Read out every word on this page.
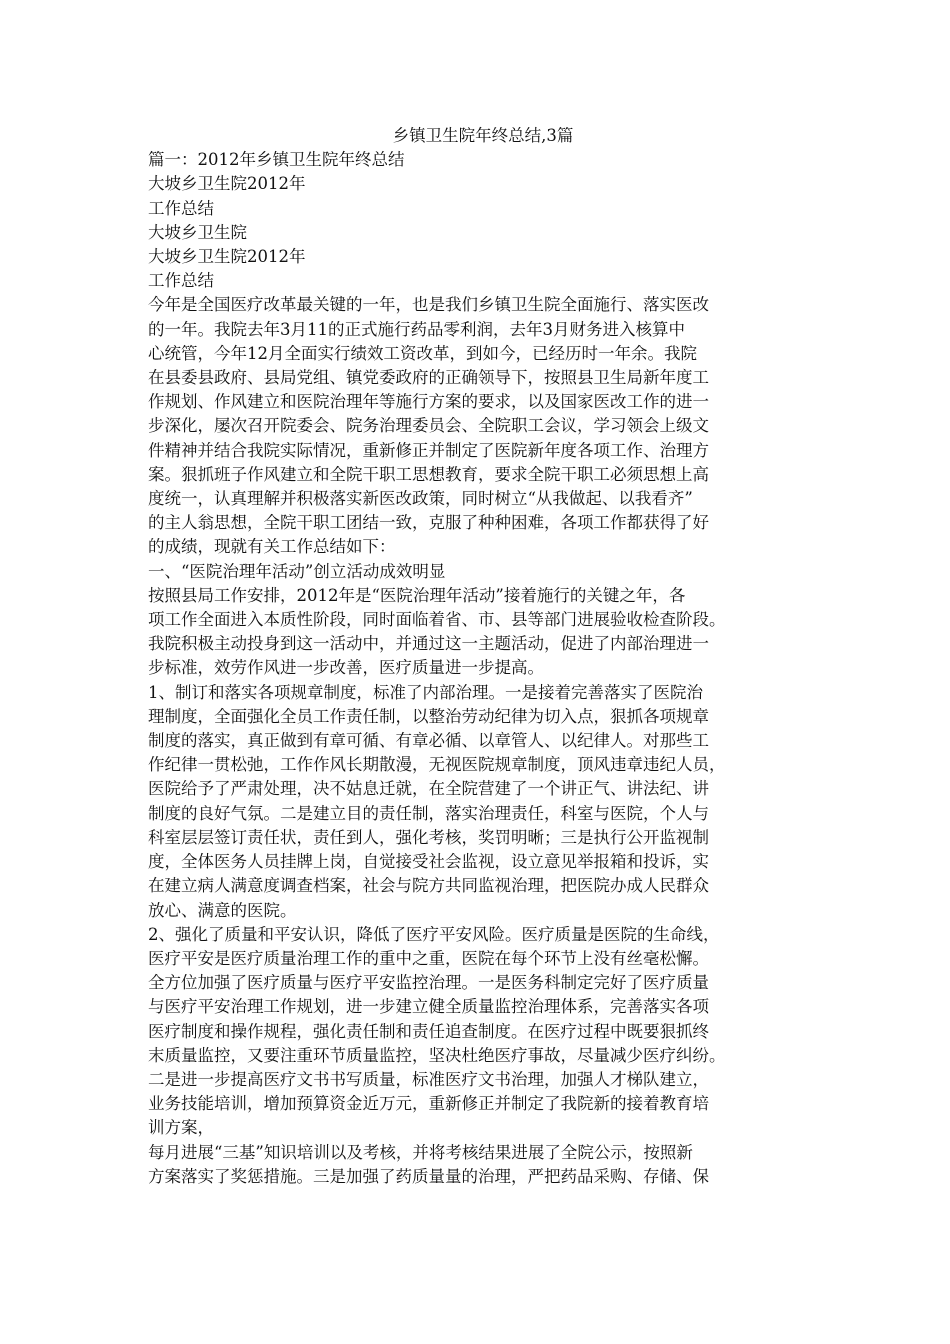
乡镇卫生院年终总结,3篇
篇一：2012年乡镇卫生院年终总结
大坡乡卫生院2012年
工作总结
大坡乡卫生院
大坡乡卫生院2012年
工作总结
今年是全国医疗改革最关键的一年，也是我们乡镇卫生院全面施行、落实医改
的一年。我院去年3月11的正式施行药品零利润，去年3月财务进入核算中
心统管，今年12月全面实行绩效工资改革，到如今，已经历时一年余。我院
在县委县政府、县局党组、镇党委政府的正确领导下，按照县卫生局新年度工
作规划、作风建立和医院治理年等施行方案的要求，以及国家医改工作的进一
步深化，屡次召开院委会、院务治理委员会、全院职工会议，学习领会上级文
件精神并结合我院实际情况，重新修正并制定了医院新年度各项工作、治理方
案。狠抓班子作风建立和全院干职工思想教育，要求全院干职工必须思想上高
度统一，认真理解并积极落实新医改政策，同时树立“从我做起、以我看齐”
的主人翁思想，全院干职工团结一致，克服了种种困难，各项工作都获得了好
的成绩，现就有关工作总结如下：
一、“医院治理年活动”创立活动成效明显
按照县局工作安排，2012年是“医院治理年活动”接着施行的关键之年，各
项工作全面进入本质性阶段，同时面临着省、市、县等部门进展验收检查阶段。
我院积极主动投身到这一活动中，并通过这一主题活动，促进了内部治理进一
步标准，效劳作风进一步改善，医疗质量进一步提高。
1、制订和落实各项规章制度，标准了内部治理。一是接着完善落实了医院治
理制度，全面强化全员工作责任制，以整治劳动纪律为切入点，狠抓各项规章
制度的落实，真正做到有章可循、有章必循、以章管人、以纪律人。对那些工
作纪律一贯松弛，工作作风长期散漫，无视医院规章制度，顶风违章违纪人员，
医院给予了严肃处理，决不姑息迁就，在全院营建了一个讲正气、讲法纪、讲
制度的良好气氛。二是建立目的责任制，落实治理责任，科室与医院，个人与
科室层层签订责任状，责任到人，强化考核，奖罚明晰；三是执行公开监视制
度，全体医务人员挂牌上岗，自觉接受社会监视，设立意见举报箱和投诉，实
在建立病人满意度调查档案，社会与院方共同监视治理，把医院办成人民群众
放心、满意的医院。
2、强化了质量和平安认识，降低了医疗平安风险。医疗质量是医院的生命线，
医疗平安是医疗质量治理工作的重中之重，医院在每个环节上没有丝毫松懈。
全方位加强了医疗质量与医疗平安监控治理。一是医务科制定完好了医疗质量
与医疗平安治理工作规划，进一步建立健全质量监控治理体系，完善落实各项
医疗制度和操作规程，强化责任制和责任追查制度。在医疗过程中既要狠抓终
末质量监控，又要注重环节质量监控，坚决杜绝医疗事故，尽量减少医疗纠纷。
二是进一步提高医疗文书书写质量，标准医疗文书治理，加强人才梯队建立，
业务技能培训，增加预算资金近万元，重新修正并制定了我院新的接着教育培
训方案，
每月进展“三基”知识培训以及考核，并将考核结果进展了全院公示，按照新
方案落实了奖惩措施。三是加强了药质量量的治理，严把药品采购、存储、保
